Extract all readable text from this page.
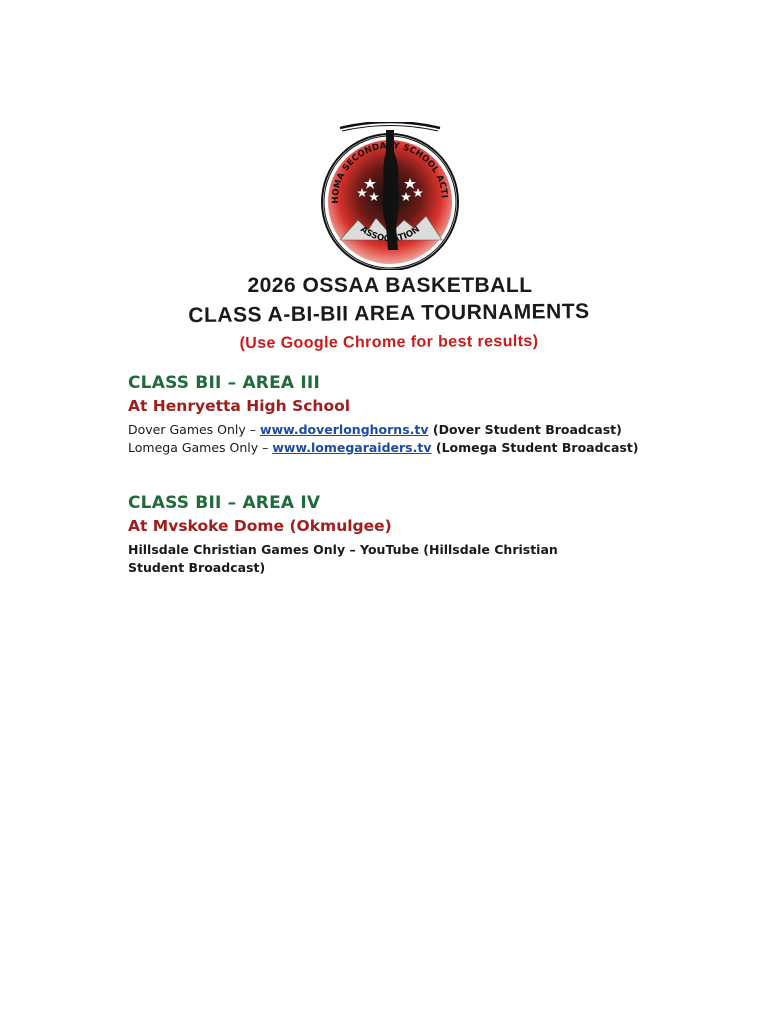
HOMA SECONDARY SCHOOL ACTI
ASSOCIATION
2026 OSSAA BASKETBALL
CLASS A-BI-BII AREA TOURNAMENTS
(Use Google Chrome for best results)
CLASS BII – AREA III
At Henryetta High School
Dover Games Only – www.doverlonghorns.tv (Dover Student Broadcast)
Lomega Games Only – www.lomegaraiders.tv (Lomega Student Broadcast)
CLASS BII – AREA IV
At Mvskoke Dome (Okmulgee)
Hillsdale Christian Games Only – YouTube (Hillsdale Christian Student Broadcast)
